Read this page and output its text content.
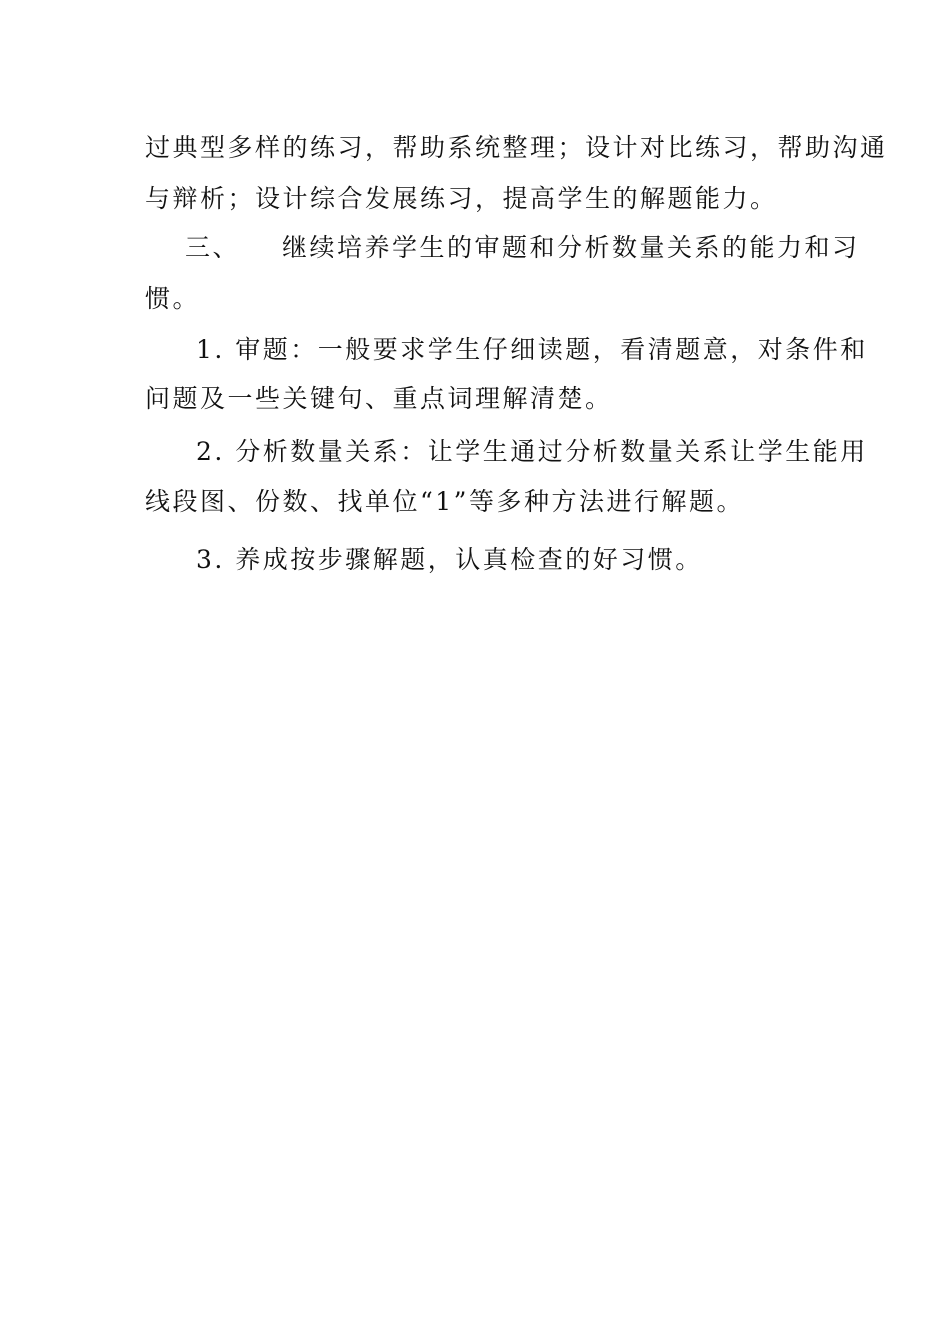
过典型多样的练习，帮助系统整理；设计对比练习，帮助沟通
与辩析；设计综合发展练习，提高学生的解题能力。
三、 继续培养学生的审题和分析数量关系的能力和习
惯。
1. 审题：一般要求学生仔细读题，看清题意，对条件和
问题及一些关键句、重点词理解清楚。
2. 分析数量关系：让学生通过分析数量关系让学生能用
线段图、份数、找单位“1”等多种方法进行解题。
3. 养成按步骤解题，认真检查的好习惯。
